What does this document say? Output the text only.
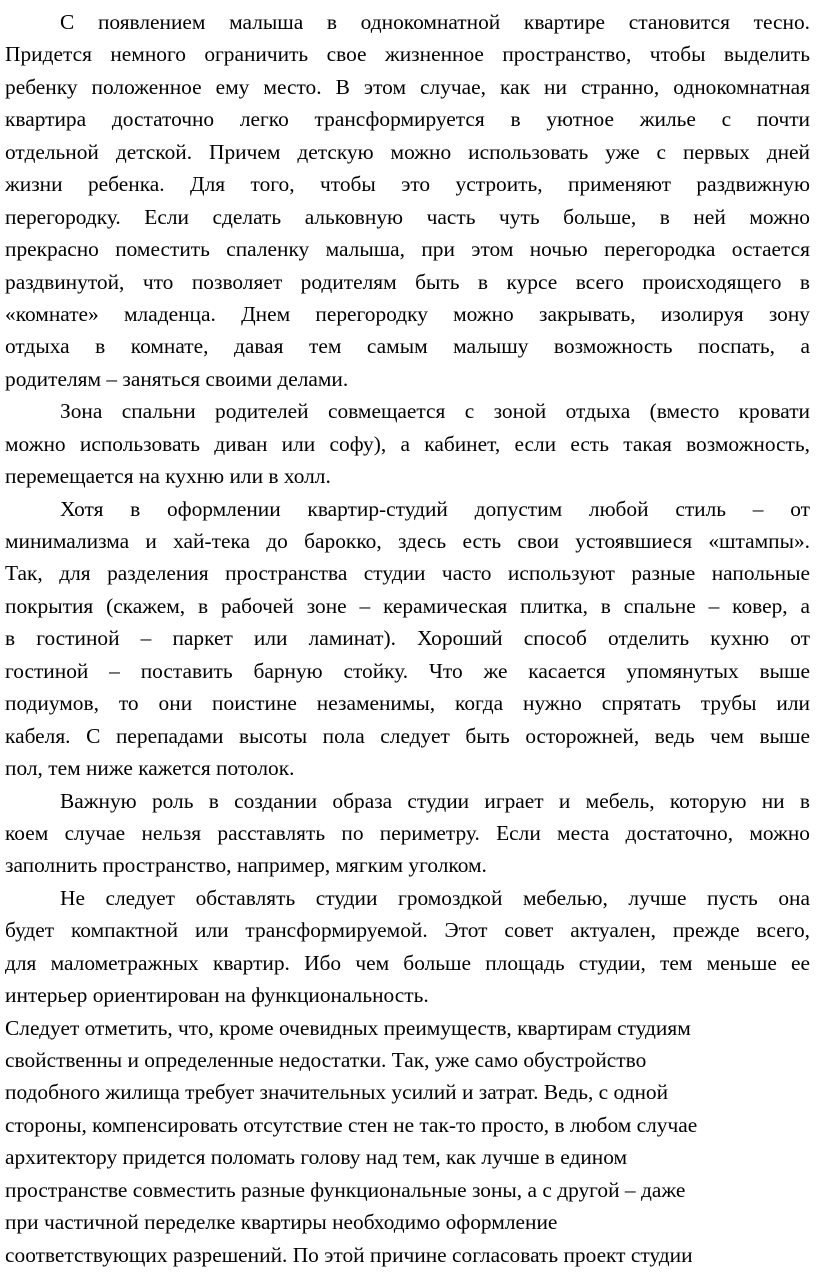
С появлением малыша в однокомнатной квартире становится тесно.
Придется немного ограничить свое жизненное пространство, чтобы выделить
ребенку положенное ему место. В этом случае, как ни странно, однокомнатная
квартира достаточно легко трансформируется в уютное жилье с почти
отдельной детской. Причем детскую можно использовать уже с первых дней
жизни ребенка. Для того, чтобы это устроить, применяют раздвижную
перегородку. Если сделать альковную часть чуть больше, в ней можно
прекрасно поместить спаленку малыша, при этом ночью перегородка остается
раздвинутой, что позволяет родителям быть в курсе всего происходящего в
«комнате» младенца. Днем перегородку можно закрывать, изолируя зону
отдыха в комнате, давая тем самым малышу возможность поспать, а
родителям – заняться своими делами.
Зона спальни родителей совмещается с зоной отдыха (вместо кровати
можно использовать диван или софу), а кабинет, если есть такая возможность,
перемещается на кухню или в холл.
Хотя в оформлении квартир-студий допустим любой стиль – от
минимализма и хай-тека до барокко, здесь есть свои устоявшиеся «штампы».
Так, для разделения пространства студии часто используют разные напольные
покрытия (скажем, в рабочей зоне – керамическая плитка, в спальне – ковер, а
в гостиной – паркет или ламинат). Хороший способ отделить кухню от
гостиной – поставить барную стойку. Что же касается упомянутых выше
подиумов, то они поистине незаменимы, когда нужно спрятать трубы или
кабеля. С перепадами высоты пола следует быть осторожней, ведь чем выше
пол, тем ниже кажется потолок.
Важную роль в создании образа студии играет и мебель, которую ни в
коем случае нельзя расставлять по периметру. Если места достаточно, можно
заполнить пространство, например, мягким уголком.
Не следует обставлять студии громоздкой мебелью, лучше пусть она
будет компактной или трансформируемой. Этот совет актуален, прежде всего,
для малометражных квартир. Ибо чем больше площадь студии, тем меньше ее
интерьер ориентирован на функциональность.
Следует отметить, что, кроме очевидных преимуществ, квартирам студиям
свойственны и определенные недостатки. Так, уже само обустройство
подобного жилища требует значительных усилий и затрат. Ведь, с одной
стороны, компенсировать отсутствие стен не так-то просто, в любом случае
архитектору придется поломать голову над тем, как лучше в едином
пространстве совместить разные функциональные зоны, а с другой – даже
при частичной переделке квартиры необходимо оформление
соответствующих разрешений. По этой причине согласовать проект студии
